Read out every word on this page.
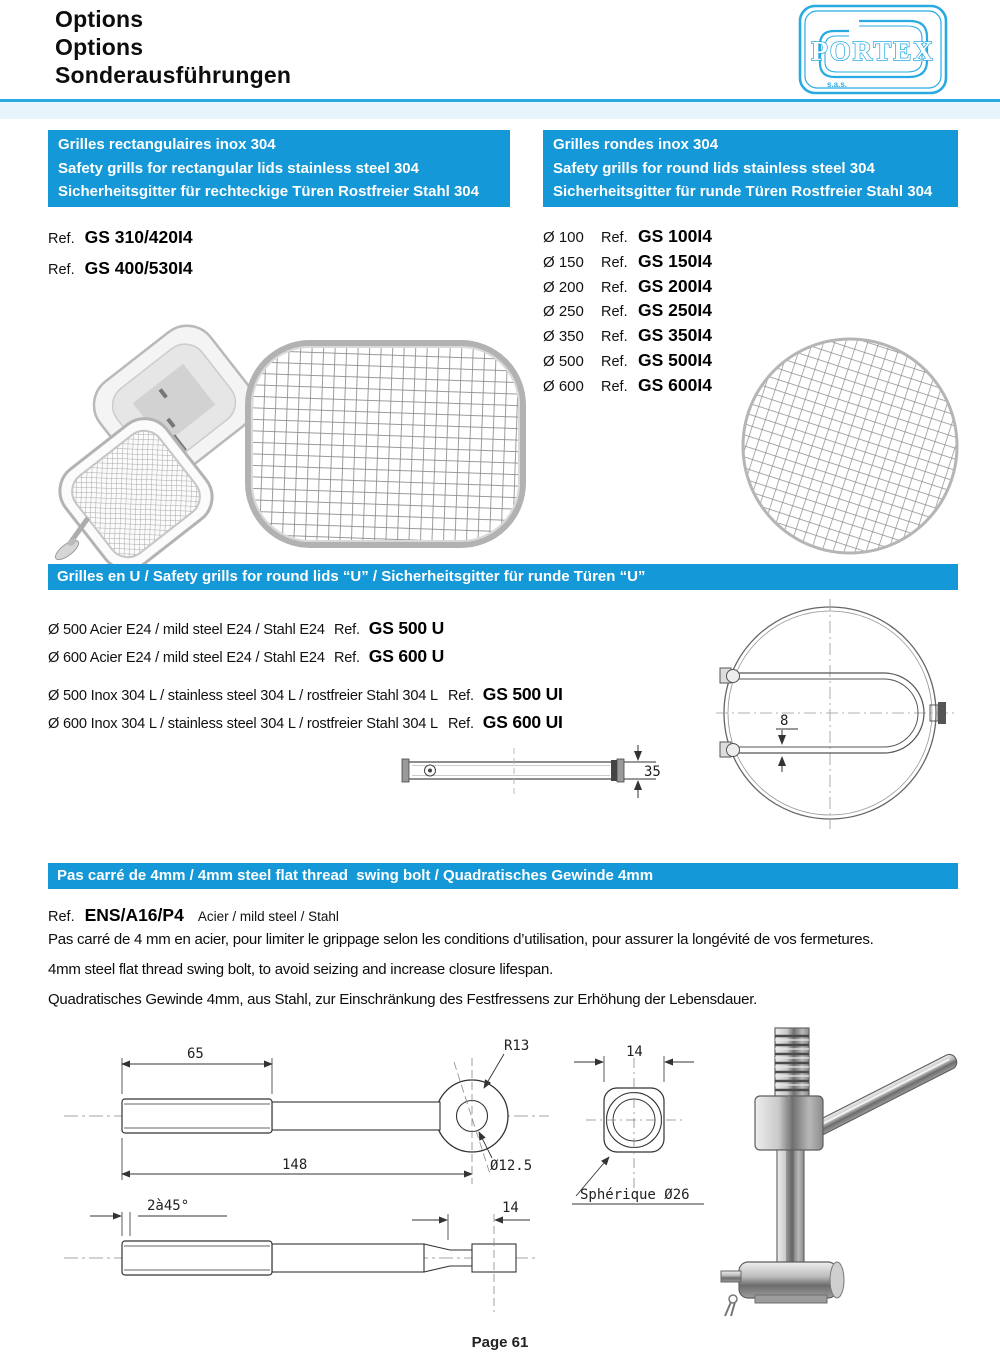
Options
Options
Sonderausführungen
PORTEX
s.a.s.
Grilles rectangulaires inox 304
Safety grills for rectangular lids stainless steel 304
Sicherheitsgitter für rechteckige Türen Rostfreier Stahl 304
Ref. GS 310/420I4
Ref. GS 400/530I4
Grilles rondes inox 304
Safety grills for round lids stainless steel 304
Sicherheitsgitter für runde Türen Rostfreier Stahl 304
Ø 100	Ref. GS 100I4
Ø 150	Ref. GS 150I4
Ø 200	Ref. GS 200I4
Ø 250	Ref. GS 250I4
Ø 350	Ref. GS 350I4
Ø 500	Ref. GS 500I4
Ø 600	Ref. GS 600I4
Grilles en U / Safety grills for round lids “U” / Sicherheitsgitter für runde Türen “U”
Ø 500 Acier E24 / mild steel E24 / Stahl E24 Ref. GS 500 U
Ø 600 Acier E24 / mild steel E24 / Stahl E24 Ref. GS 600 U
Ø 500 Inox 304 L / stainless steel 304 L / rostfreier Stahl 304 L Ref. GS 500 UI
Ø 600 Inox 304 L / stainless steel 304 L / rostfreier Stahl 304 L Ref. GS 600 UI
35
8
Pas carré de 4mm / 4mm steel flat thread  swing bolt / Quadratisches Gewinde 4mm
Ref. ENS/A16/P4 Acier / mild steel / Stahl
Pas carré de 4 mm en acier, pour limiter le grippage selon les conditions d’utilisation, pour assurer la longévité de vos fermetures.
4mm steel flat thread swing bolt, to avoid seizing and increase closure lifespan.
Quadratisches Gewinde 4mm, aus Stahl, zur Einschränkung des Festfressens zur Erhöhung der Lebensdauer.
65
148
R13
Ø12.5
14
Sphérique Ø26
2à45°	14
Page 61
